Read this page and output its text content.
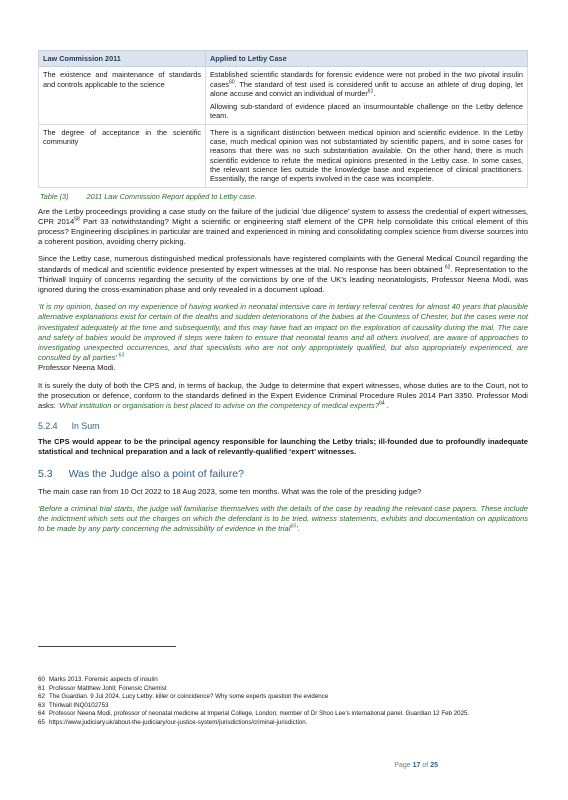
Law Commission 2011	Applied to Letby Case
The existence and maintenance of standards and controls applicable to the science	Established scientific standards for forensic evidence were not probed in the two pivotal insulin cases$^{60}$. The standard of test used is considered unfit to accuse an athlete of drug doping, let alone accuse and convict an individual of murder$^{61}$.

Allowing sub-standard of evidence placed an insurmountable challenge on the Letby defence team.

The degree of acceptance in the scientific community	There is a significant distinction between medical opinion and scientific evidence. In the Letby case, much medical opinion was not substantiated by scientific papers, and in some cases for reasons that there was no such substantiation available. On the other hand, there is much scientific evidence to refute the medical opinions presented in the Letby case. In some cases, the relevant science lies outside the knowledge base and experience of clinical practitioners. Essentially, the range of experts involved in the case was incomplete.
Table (3) 2011 Law Commission Report applied to Letby case.

Are the Letby proceedings providing a case study on the failure of the judicial ‘due diligence’ system to assess the credential of expert witnesses, CPR 2014$^{58}$ Part 33 notwithstanding? Might a scientific or engineering staff element of the CPR help consolidate this critical element of this process? Engineering disciplines in particular are trained and experienced in mining and consolidating complex science from diverse sources into a coherent position, avoiding cherry picking.

Since the Letby case, numerous distinguished medical professionals have registered complaints with the General Medical Council regarding the standards of medical and scientific evidence presented by expert witnesses at the trial. No response has been obtained $^{62}$. Representation to the Thirlwall Inquiry of concerns regarding the security of the convictions by one of the UK’s leading neonatologists, Professor Neena Modi, was ignored during the cross-examination phase and only revealed in a document upload.

‘It is my opinion, based on my experience of having worked in neonatal intensive care in tertiary referral centres for almost 40 years that plausible alternative explanations exist for certain of the deaths and sudden deteriorations of the babies at the Countess of Chester, but the cases were not investigated adequately at the time and subsequently, and this may have had an impact on the exploration of causality during the trial. The care and safety of babies would be improved if steps were taken to ensure that neonatal teams and all others involved, are aware of approaches to investigating unexpected occurrences, and that specialists who are not only appropriately qualified, but also appropriately experienced, are consulted by all parties’ $^{63}$

Professor Neena Modi.

It is surely the duty of both the CPS and, in terms of backup, the Judge to determine that expert witnesses, whose duties are to the Court, not to the prosecution or defence, conform to the standards defined in the Expert Evidence Criminal Procedure Rules 2014 Part 3350. Professor Modi asks: ‘What institution or organisation is best placed to advise on the competency of medical experts?$^{64}$ .

5.2.4 In Sum

The CPS would appear to be the principal agency responsible for launching the Letby trials; ill-founded due to profoundly inadequate statistical and technical preparation and a lack of relevantly-qualified ‘expert’ witnesses.

5.3 Was the Judge also a point of failure?

The main case ran from 10 Oct 2022 to 18 Aug 2023, some ten months. What was the role of the presiding judge?

‘Before a criminal trial starts, the judge will familiarise themselves with the details of the case by reading the relevant case papers. These include the indictment which sets out the charges on which the defendant is to be tried, witness statements, exhibits and documentation on applications to be made by any party concerning the admissibility of evidence in the trial$^{65}$’.

60 Marks 2013. Forensic aspects of insulin
61 Professor Matthew Johll; Forensic Chemist
62 The Guardian. 9 Jul 2024. Lucy Letby: killer or coincidence? Why some experts question the evidence
63 Thirlwall INQ0102753
64 Professor Neena Modi, professor of neonatal medicine at Imperial College, London; member of Dr Shoo Lee’s international panel. Guardian 12 Feb 2025.
65 https://www.judiciary.uk/about-the-judiciary/our-justice-system/jurisdictions/criminal-jurisdiction.
Page 17 of 25
